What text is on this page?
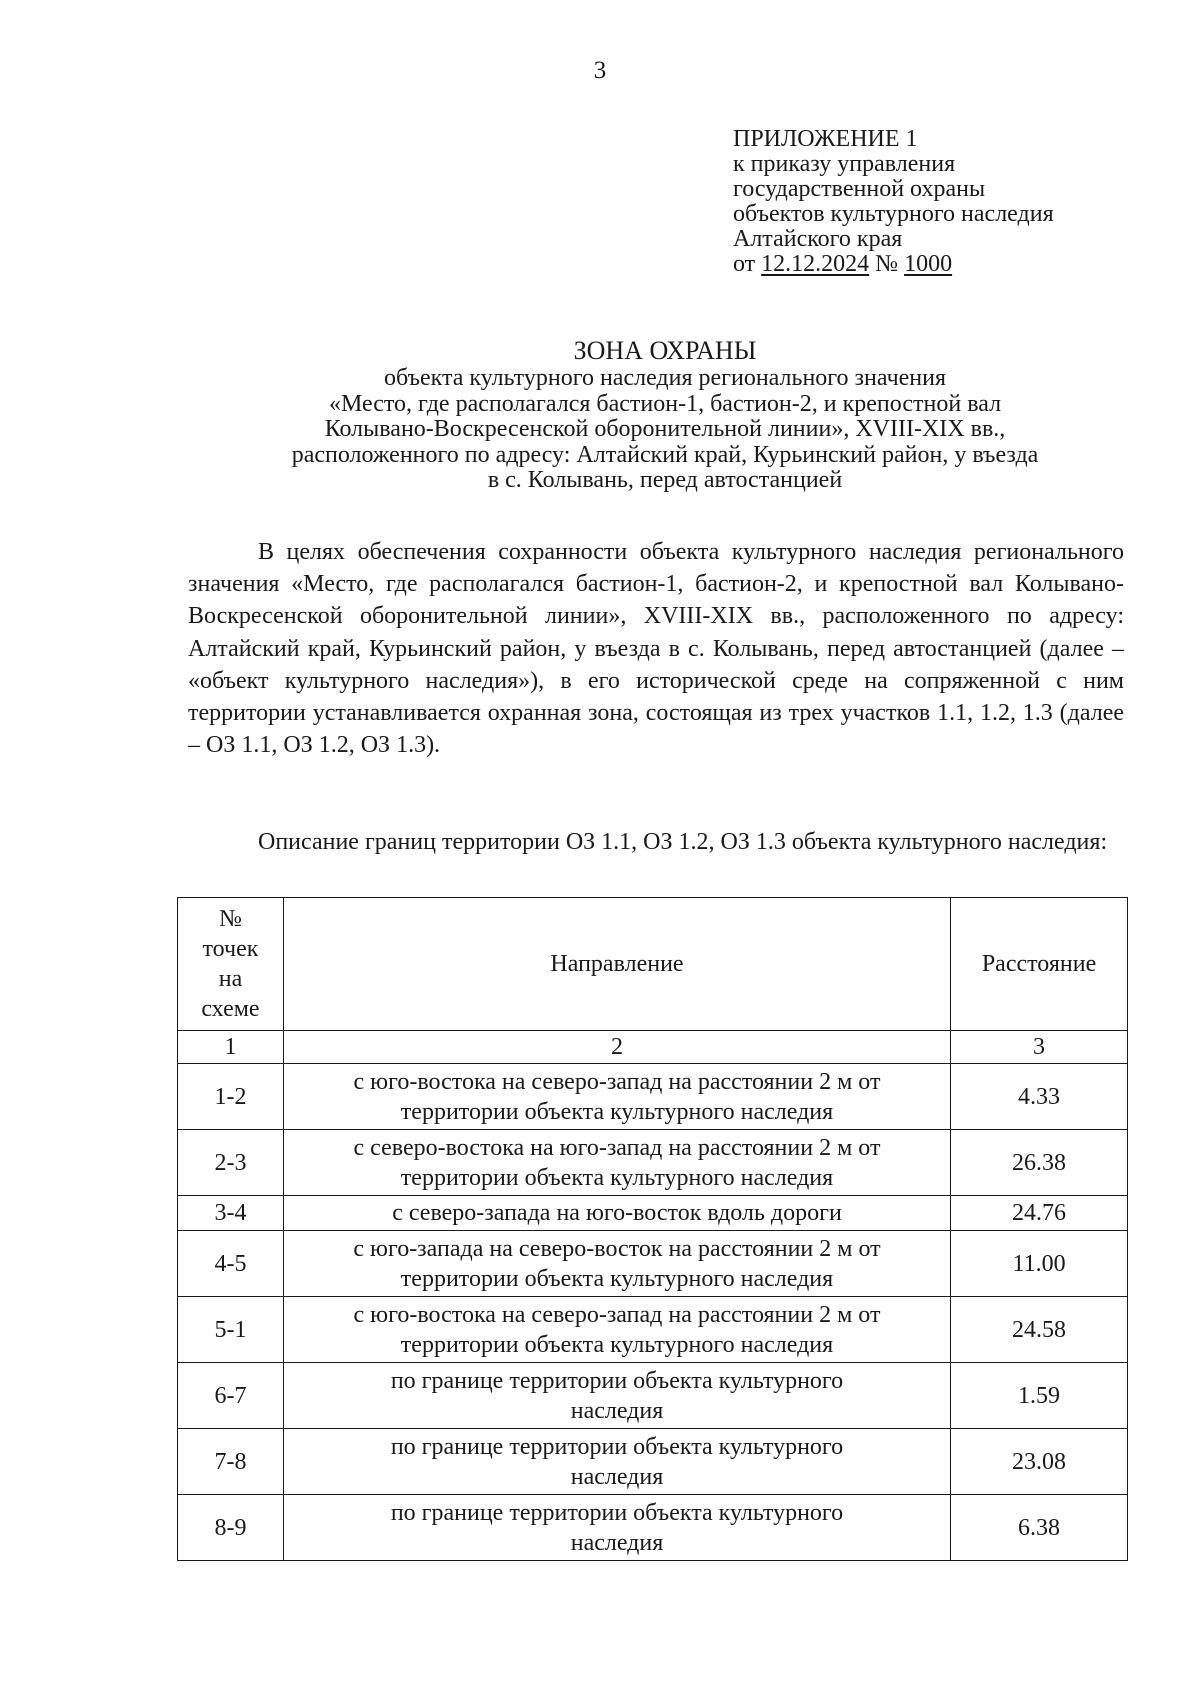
3
ПРИЛОЖЕНИЕ 1
к приказу управления
государственной охраны
объектов культурного наследия
Алтайского края
от 12.12.2024 № 1000
ЗОНА ОХРАНЫ
объекта культурного наследия регионального значения
«Место, где располагался бастион-1, бастион-2, и крепостной вал
Колывано-Воскресенской оборонительной линии», XVIII-XIX вв.,
расположенного по адресу: Алтайский край, Курьинский район, у въезда
в с. Колывань, перед автостанцией

В целях обеспечения сохранности объекта культурного наследия регионального значения «Место, где располагался бастион-1, бастион-2, и крепостной вал Колывано-Воскресенской оборонительной линии», XVIII-XIX вв., расположенного по адресу: Алтайский край, Курьинский район, у въезда в с. Колывань, перед автостанцией (далее – «объект культурного наследия»), в его исторической среде на сопряженной с ним территории устанавливается охранная зона, состоящая из трех участков 1.1, 1.2, 1.3 (далее – ОЗ 1.1, ОЗ 1.2, ОЗ 1.3).

Описание границ территории ОЗ 1.1, ОЗ 1.2, ОЗ 1.3 объекта культурного наследия:

№
точек
на
схеме	Направление	Расстояние
1	2	3
1-2	с юго-востока на северо-запад на расстоянии 2 м от
территории объекта культурного наследия	4.33
2-3	с северо-востока на юго-запад на расстоянии 2 м от
территории объекта культурного наследия	26.38
3-4	с северо-запада на юго-восток вдоль дороги	24.76
4-5	с юго-запада на северо-восток на расстоянии 2 м от
территории объекта культурного наследия	11.00
5-1	с юго-востока на северо-запад на расстоянии 2 м от
территории объекта культурного наследия	24.58
6-7	по границе территории объекта культурного
наследия	1.59
7-8	по границе территории объекта культурного
наследия	23.08
8-9	по границе территории объекта культурного
наследия	6.38
